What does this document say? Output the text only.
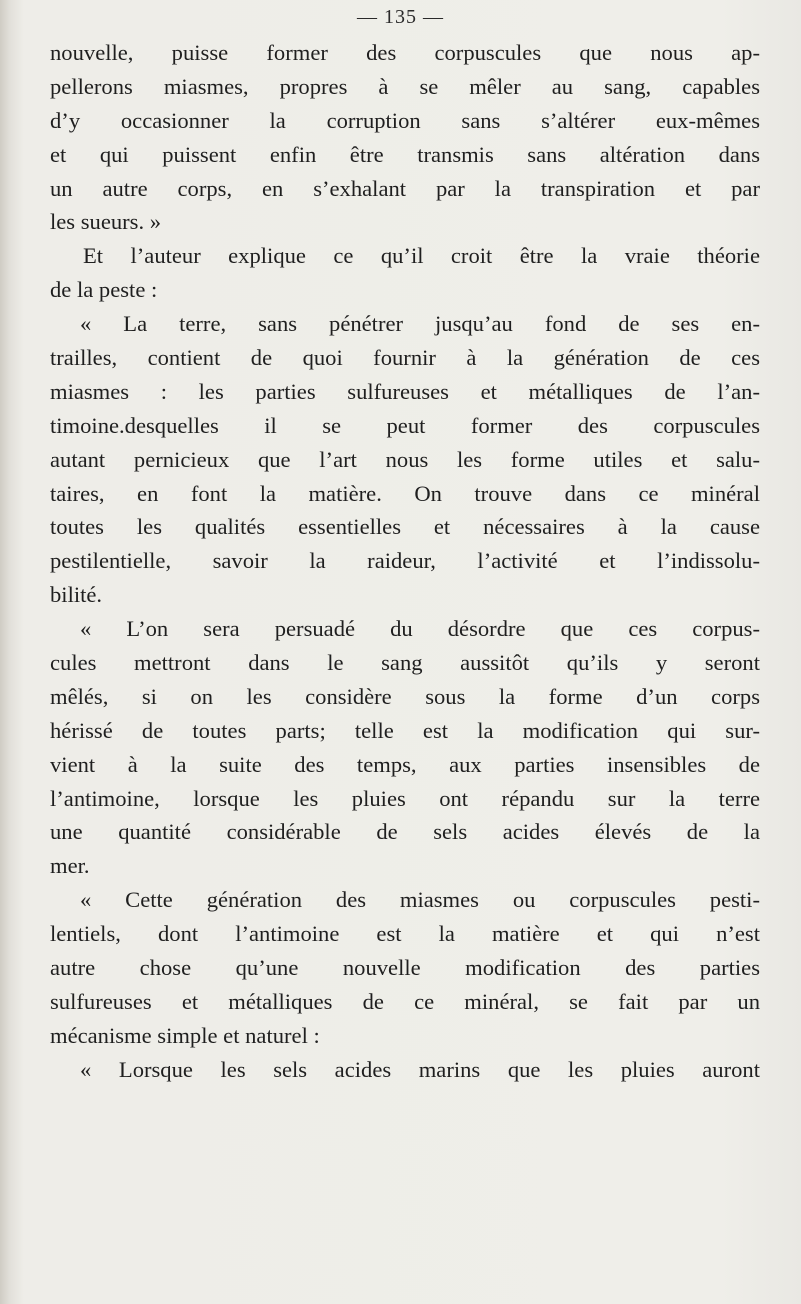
— 135 —
nouvelle, puisse former des corpuscules que nous ap-
pellerons miasmes, propres à se mêler au sang, capables
d’y occasionner la corruption sans s’altérer eux-mêmes
et qui puissent enfin être transmis sans altération dans
un autre corps, en s’exhalant par la transpiration et par
les sueurs. »
Et l’auteur explique ce qu’il croit être la vraie théorie
de la peste :
« La terre, sans pénétrer jusqu’au fond de ses en-
trailles, contient de quoi fournir à la génération de ces
miasmes : les parties sulfureuses et métalliques de l’an-
timoine.desquelles il se peut former des corpuscules
autant pernicieux que l’art nous les forme utiles et salu-
taires, en font la matière. On trouve dans ce minéral
toutes les qualités essentielles et nécessaires à la cause
pestilentielle, savoir la raideur, l’activité et l’indissolu-
bilité.
« L’on sera persuadé du désordre que ces corpus-
cules mettront dans le sang aussitôt qu’ils y seront
mêlés, si on les considère sous la forme d’un corps
hérissé de toutes parts; telle est la modification qui sur-
vient à la suite des temps, aux parties insensibles de
l’antimoine, lorsque les pluies ont répandu sur la terre
une quantité considérable de sels acides élevés de la
mer.
« Cette génération des miasmes ou corpuscules pesti-
lentiels, dont l’antimoine est la matière et qui n’est
autre chose qu’une nouvelle modification des parties
sulfureuses et métalliques de ce minéral, se fait par un
mécanisme simple et naturel :
« Lorsque les sels acides marins que les pluies auront
